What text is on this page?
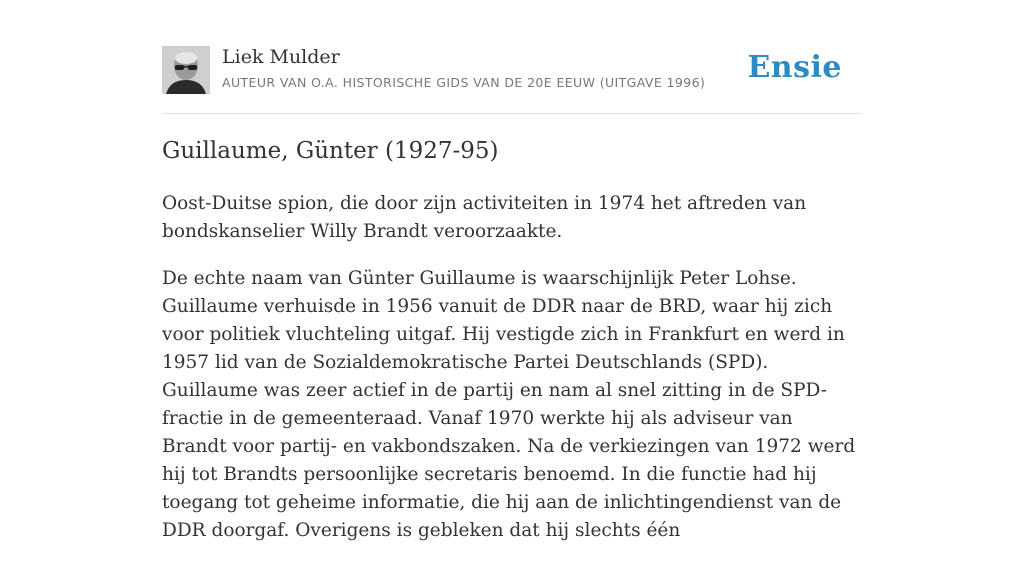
Liek Mulder
AUTEUR VAN O.A. HISTORISCHE GIDS VAN DE 20E EEUW (UITGAVE 1996) Ensie
Guillaume, Günter (1927-95)

Oost-Duitse spion, die door zijn activiteiten in 1974 het aftreden van bondskanselier Willy Brandt veroorzaakte.

De echte naam van Günter Guillaume is waarschijnlijk Peter Lohse. Guillaume verhuisde in 1956 vanuit de DDR naar de BRD, waar hij zich voor politiek vluchteling uitgaf. Hij vestigde zich in Frankfurt en werd in 1957 lid van de Sozialdemokratische Partei Deutschlands (SPD). Guillaume was zeer actief in de partij en nam al snel zitting in de SPD-fractie in de gemeenteraad. Vanaf 1970 werkte hij als adviseur van Brandt voor partij- en vakbondszaken. Na de verkiezingen van 1972 werd hij tot Brandts persoonlijke secretaris benoemd. In die functie had hij toegang tot geheime informatie, die hij aan de inlichtingendienst van de DDR doorgaf. Overigens is gebleken dat hij slechts één
